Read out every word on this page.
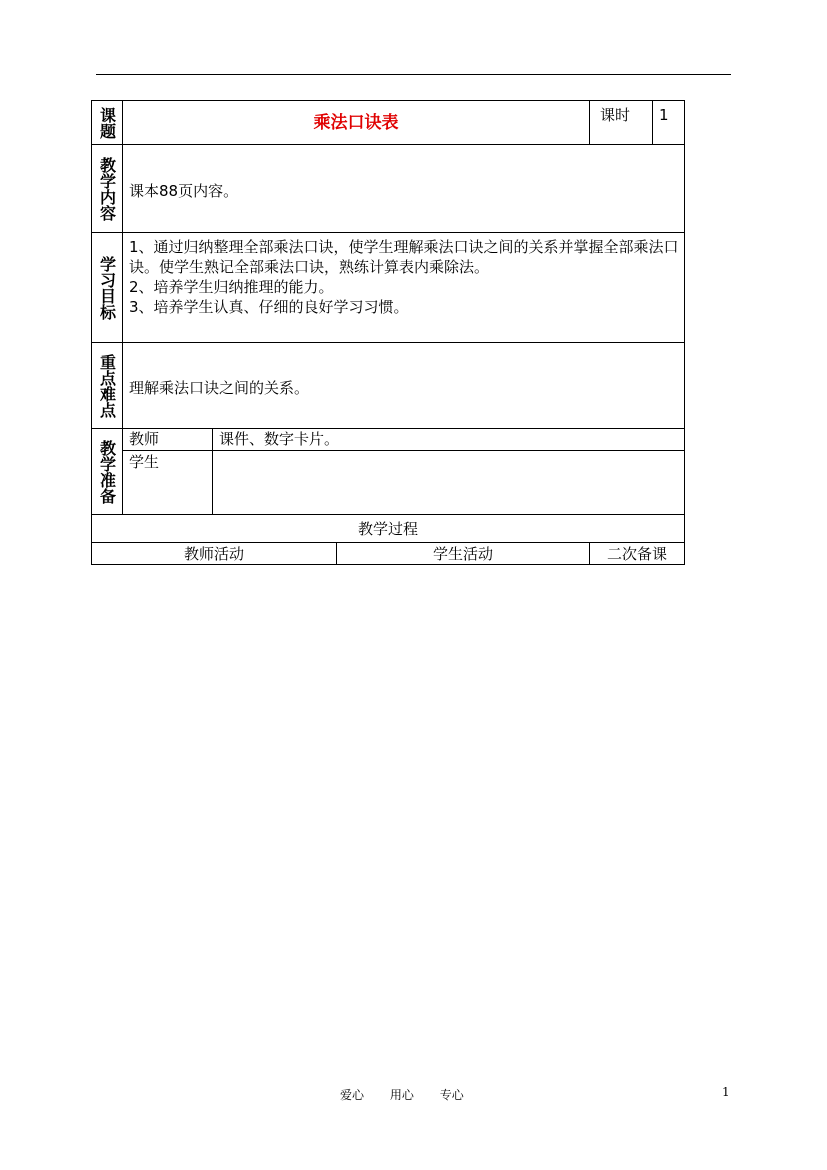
课题	乘法口诀表			课时	1

教学内容	课本88页内容。				

学习目标	1、通过归纳整理全部乘法口诀，使学生理解乘法口诀之间的关系并掌握全部乘法口诀。使学生熟记全部乘法口诀，熟练计算表内乘除法。
2、培养学生归纳推理的能力。
3、培养学生认真、仔细的良好学习习惯。				

重点难点	理解乘法口诀之间的关系。				

教学准备	教师	课件、数字卡片。			
	学生				
教学过程					
教师活动			学生活动	二次备课	
爱心 用心 专心	1
